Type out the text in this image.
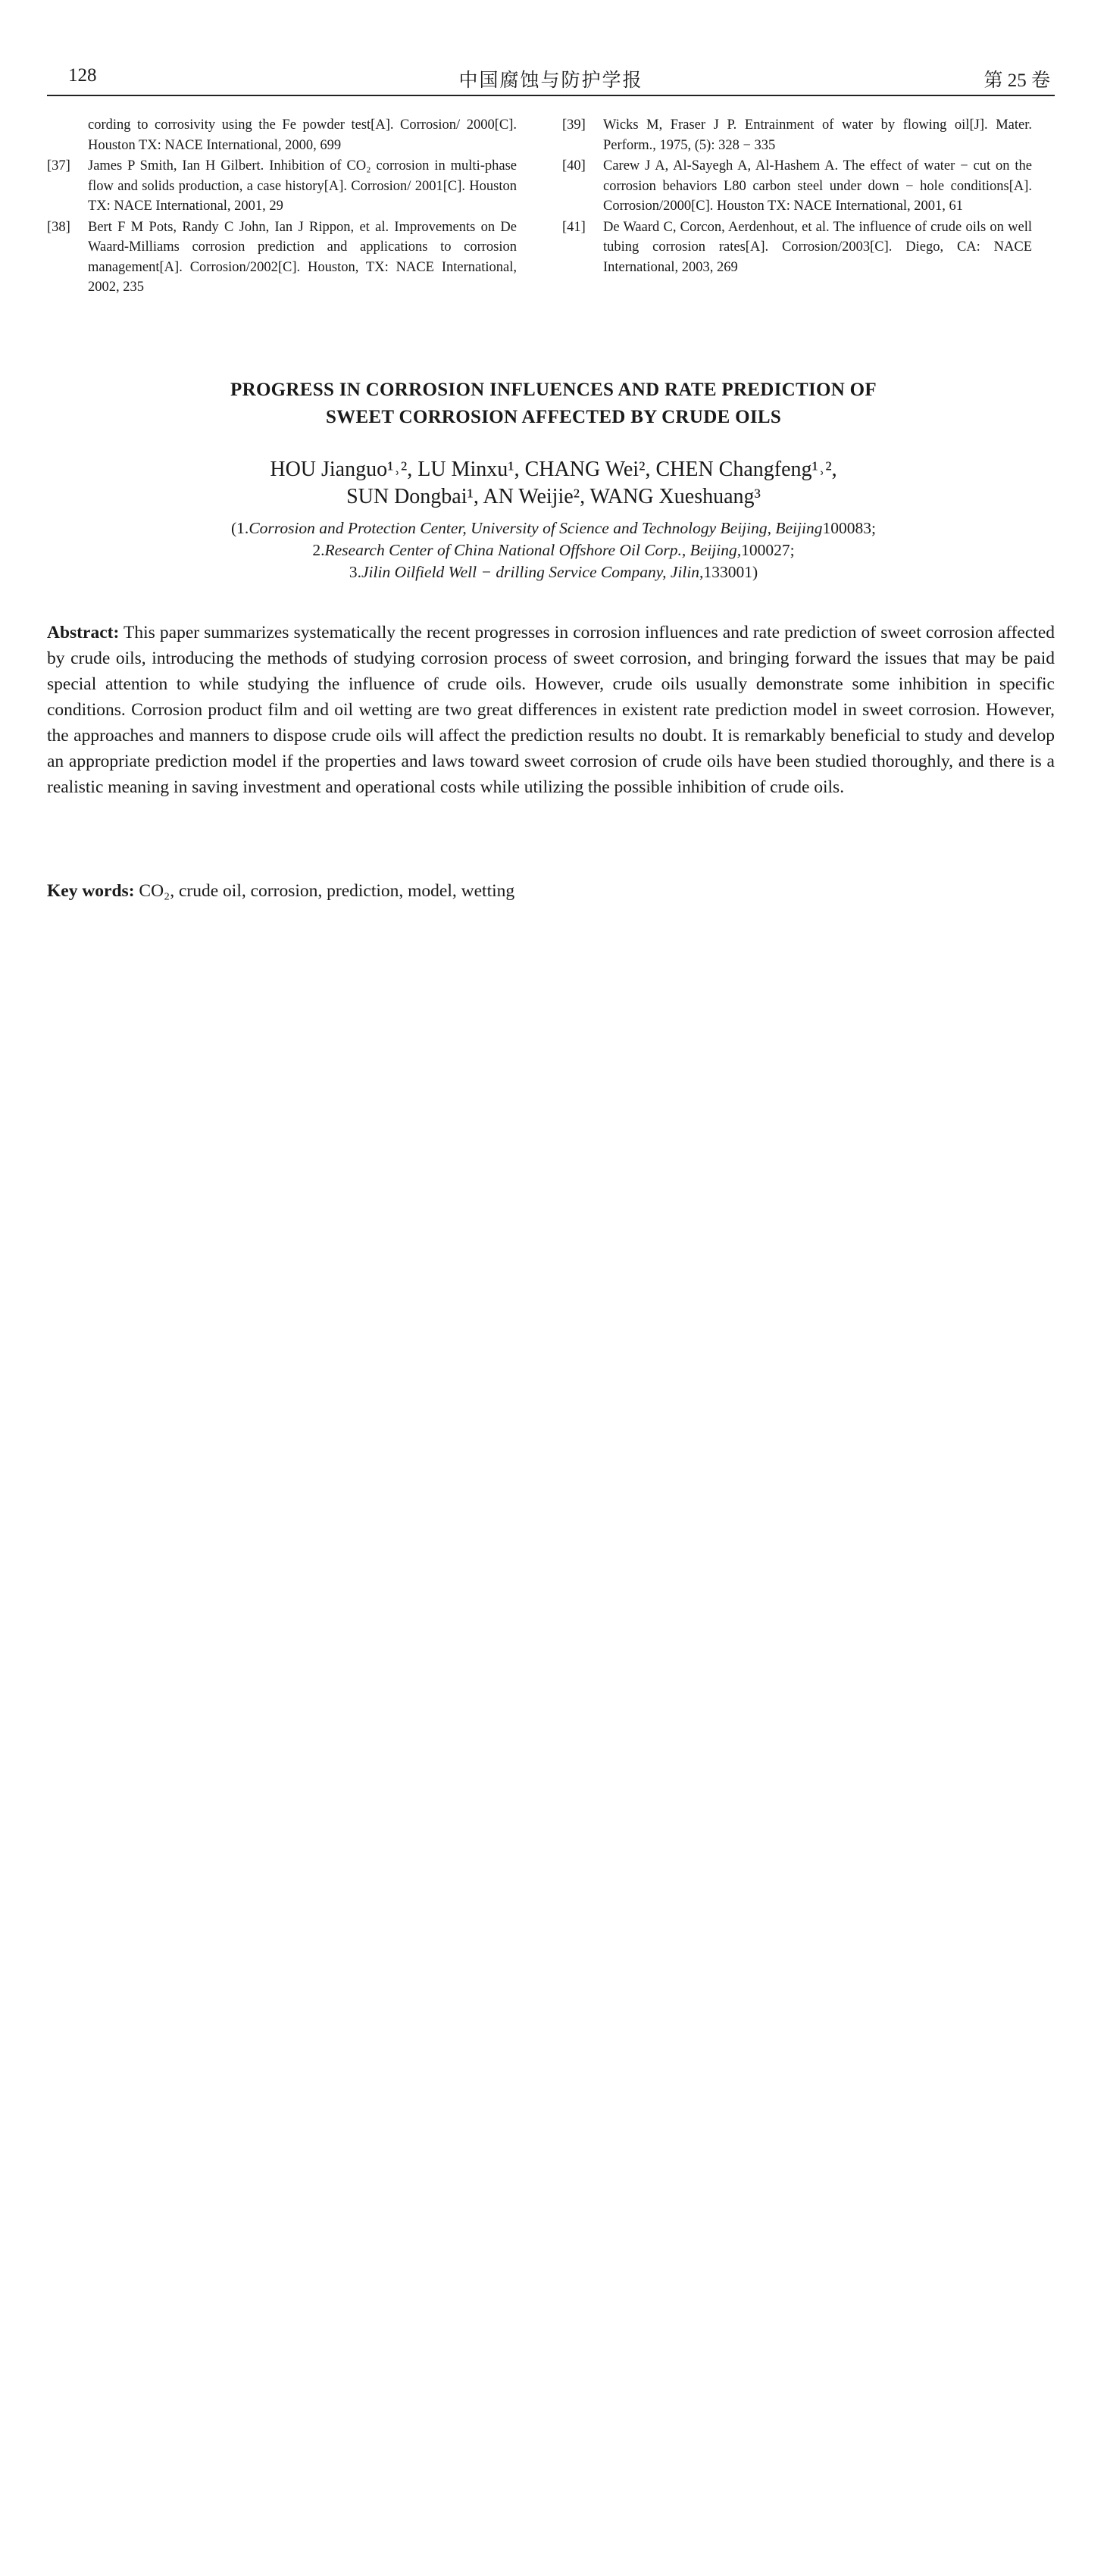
128	中国腐蚀与防护学报	第 25 卷
cording to corrosivity using the Fe powder test[A]. Corrosion/ 2000[C]. Houston TX: NACE International, 2000, 699
[37] James P Smith, Ian H Gilbert. Inhibition of CO₂ corrosion in multi-phase flow and solids production, a case history[A]. Corrosion/ 2001[C]. Houston TX: NACE International, 2001, 29
[38] Bert F M Pots, Randy C John, Ian J Rippon, et al. Improvements on De Waard-Milliams corrosion prediction and applications to corrosion management[A]. Corrosion/2002[C]. Houston, TX: NACE International, 2002, 235
[39] Wicks M, Fraser J P. Entrainment of water by flowing oil[J]. Mater. Perform., 1975, (5): 328 − 335
[40] Carew J A, Al-Sayegh A, Al-Hashem A. The effect of water − cut on the corrosion behaviors L80 carbon steel under down − hole conditions[A]. Corrosion/2000[C]. Houston TX: NACE International, 2001, 61
[41] De Waard C, Corcon, Aerdenhout, et al. The influence of crude oils on well tubing corrosion rates[A]. Corrosion/2003[C]. Diego, CA: NACE International, 2003, 269
PROGRESS IN CORROSION INFLUENCES AND RATE PREDICTION OF
SWEET CORROSION AFFECTED BY CRUDE OILS
HOU Jianguo¹˒², LU Minxu¹, CHANG Wei², CHEN Changfeng¹˒²,
SUN Dongbai¹, AN Weijie², WANG Xueshuang³
(1.Corrosion and Protection Center, University of Science and Technology Beijing, Beijing100083;
2.Research Center of China National Offshore Oil Corp., Beijing,100027;
3.Jilin Oilfield Well − drilling Service Company, Jilin,133001)
Abstract: This paper summarizes systematically the recent progresses in corrosion influences and rate prediction of sweet corrosion affected by crude oils, introducing the methods of studying corrosion process of sweet corrosion, and bringing forward the issues that may be paid special attention to while studying the influence of crude oils. However, crude oils usually demonstrate some inhibition in specific conditions. Corrosion product film and oil wetting are two great differences in existent rate prediction model in sweet corrosion. However, the approaches and manners to dispose crude oils will affect the prediction results no doubt. It is remarkably beneficial to study and develop an appropriate prediction model if the properties and laws toward sweet corrosion of crude oils have been studied thoroughly, and there is a realistic meaning in saving investment and operational costs while utilizing the possible inhibition of crude oils.
Key words: CO₂, crude oil, corrosion, prediction, model, wetting
